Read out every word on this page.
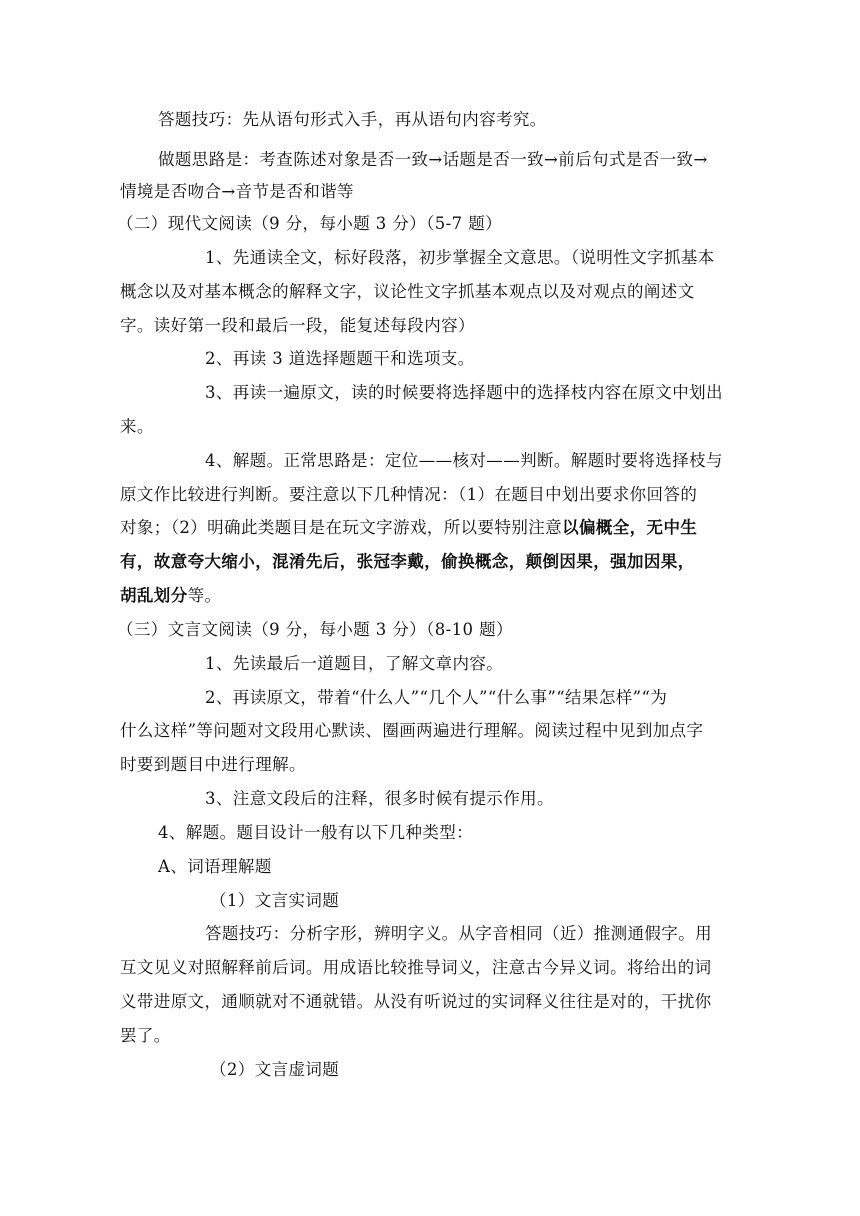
答题技巧：先从语句形式入手，再从语句内容考究。
做题思路是：考查陈述对象是否一致→话题是否一致→前后句式是否一致→
情境是否吻合→音节是否和谐等
（二）现代文阅读（9 分，每小题 3 分）（5-7 题）
1、先通读全文，标好段落，初步掌握全文意思。（说明性文字抓基本
概念以及对基本概念的解释文字，议论性文字抓基本观点以及对观点的阐述文
字。读好第一段和最后一段，能复述每段内容）
2、再读 3 道选择题题干和选项支。
3、再读一遍原文，读的时候要将选择题中的选择枝内容在原文中划出
来。
4、解题。正常思路是：定位——核对——判断。解题时要将选择枝与
原文作比较进行判断。要注意以下几种情况：（1）在题目中划出要求你回答的
对象；（2）明确此类题目是在玩文字游戏，所以要特别注意以偏概全，无中生
有，故意夸大缩小，混淆先后，张冠李戴，偷换概念，颠倒因果，强加因果，
胡乱划分等。
（三）文言文阅读（9 分，每小题 3 分）（8-10 题）
1、先读最后一道题目，了解文章内容。
2、再读原文，带着“什么人”“几个人”“什么事”“结果怎样”“为
什么这样”等问题对文段用心默读、圈画两遍进行理解。阅读过程中见到加点字
时要到题目中进行理解。
3、注意文段后的注释，很多时候有提示作用。
4、解题。题目设计一般有以下几种类型：
A、词语理解题
（1）文言实词题
答题技巧：分析字形，辨明字义。从字音相同（近）推测通假字。用
互文见义对照解释前后词。用成语比较推导词义，注意古今异义词。将给出的词
义带进原文，通顺就对不通就错。从没有听说过的实词释义往往是对的，干扰你
罢了。
（2）文言虚词题
